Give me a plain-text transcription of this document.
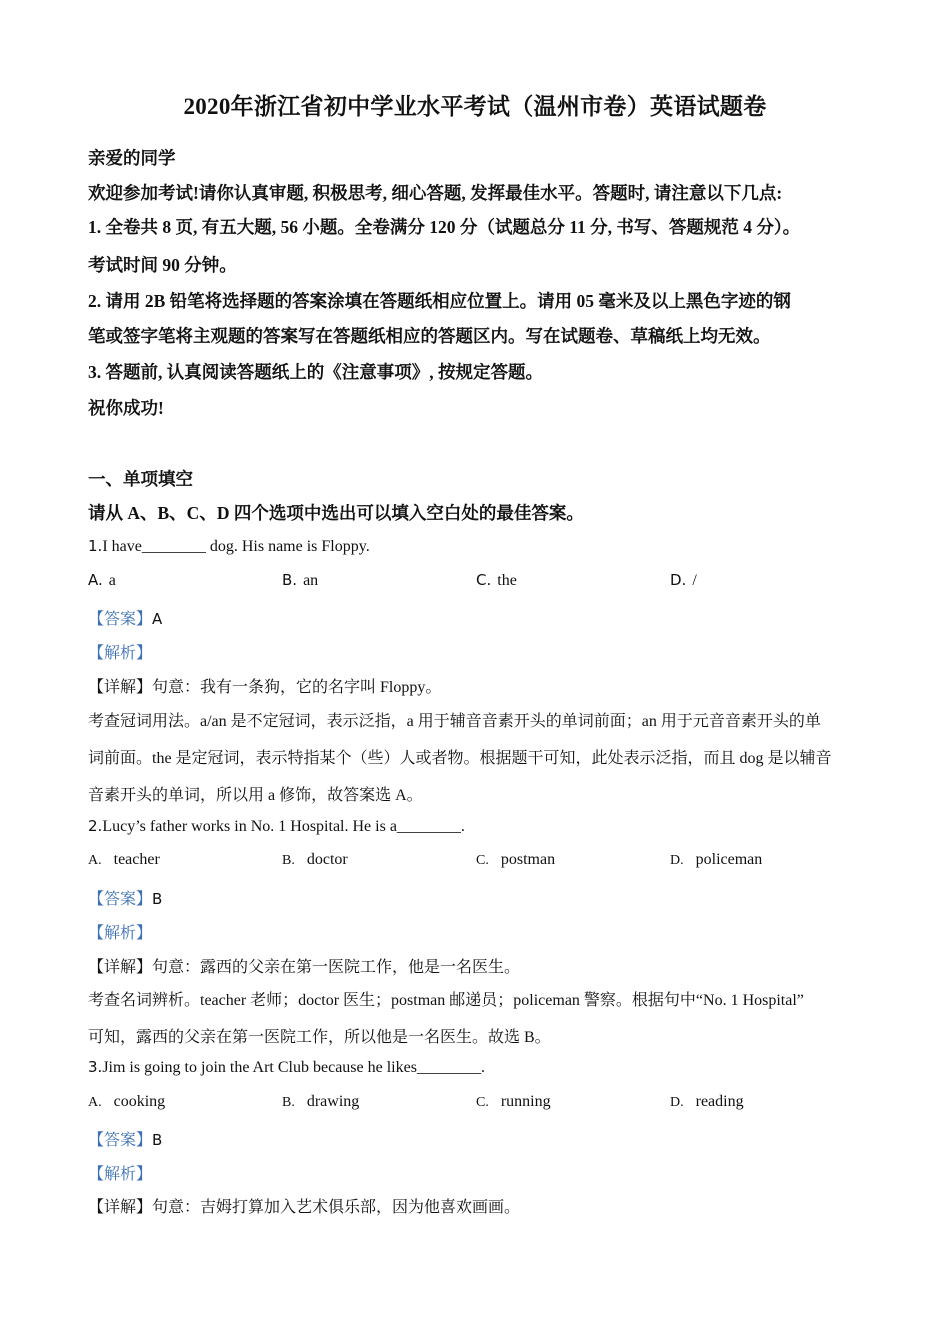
2020年浙江省初中学业水平考试（温州市卷）英语试题卷
亲爱的同学
欢迎参加考试!请你认真审题, 积极思考, 细心答题, 发挥最佳水平。答题时, 请注意以下几点:
1. 全卷共 8 页, 有五大题, 56 小题。全卷满分 120 分（试题总分 11 分, 书写、答题规范 4 分）。
考试时间 90 分钟。
2. 请用 2B 铅笔将选择题的答案涂填在答题纸相应位置上。请用 05 毫米及以上黑色字迹的钢
笔或签字笔将主观题的答案写在答题纸相应的答题区内。写在试题卷、草稿纸上均无效。
3. 答题前, 认真阅读答题纸上的《注意事项》, 按规定答题。
祝你成功!
一、单项填空
请从 A、B、C、D 四个选项中选出可以填入空白处的最佳答案。
1.I have________ dog. His name is Floppy.
A. a	B. an	C. the	D. /
【答案】A
【解析】
【详解】句意：我有一条狗，它的名字叫 Floppy。
考查冠词用法。a/an 是不定冠词，表示泛指，a 用于辅音音素开头的单词前面；an 用于元音音素开头的单
词前面。the 是定冠词，表示特指某个（些）人或者物。根据题干可知，此处表示泛指，而且 dog 是以辅音
音素开头的单词，所以用 a 修饰，故答案选 A。
2.Lucy’s father works in No. 1 Hospital. He is a________.
A. teacher	B. doctor	C. postman	D. policeman
【答案】B
【解析】
【详解】句意：露西的父亲在第一医院工作，他是一名医生。
考查名词辨析。teacher 老师；doctor 医生；postman 邮递员；policeman 警察。根据句中“No. 1 Hospital”
可知，露西的父亲在第一医院工作，所以他是一名医生。故选 B。
3.Jim is going to join the Art Club because he likes________.
A. cooking	B. drawing	C. running	D. reading
【答案】B
【解析】
【详解】句意：吉姆打算加入艺术俱乐部，因为他喜欢画画。
